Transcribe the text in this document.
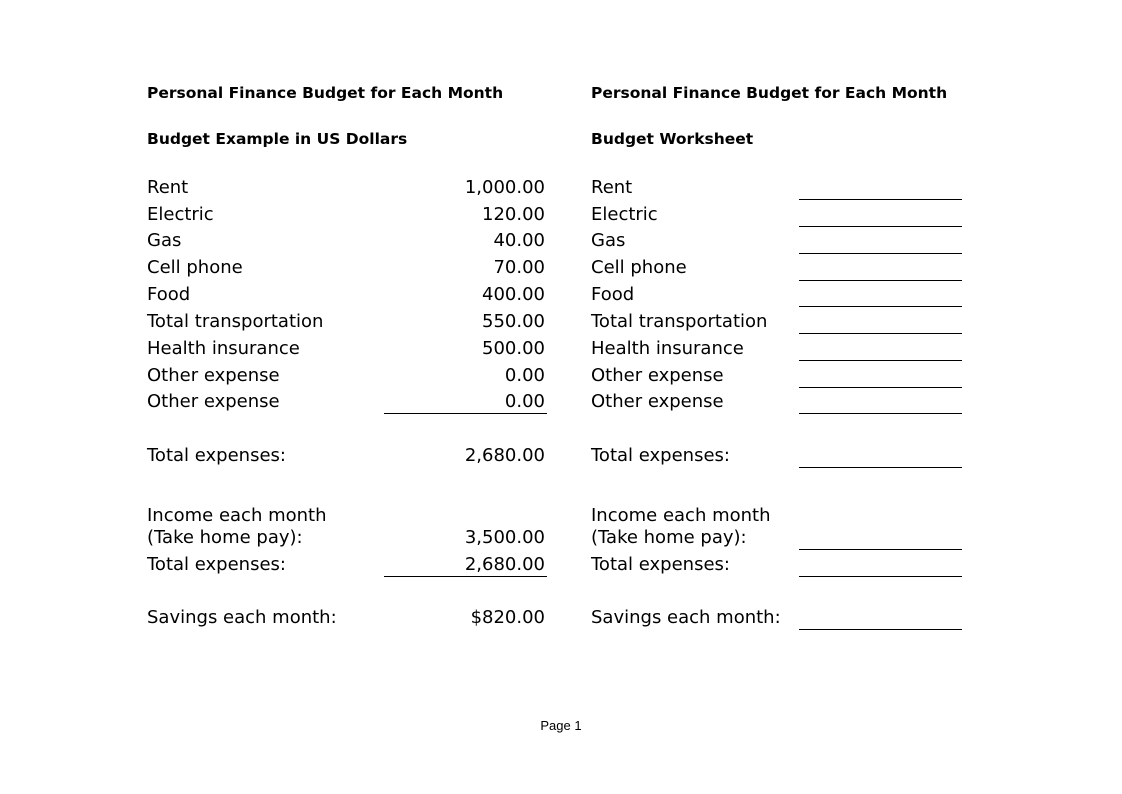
Personal Finance Budget for Each Month
Budget Example in US Dollars
Rent	1,000.00
Electric	120.00
Gas	40.00
Cell phone	70.00
Food	400.00
Total transportation	550.00
Health insurance	500.00
Other expense	0.00
Other expense	0.00
Total expenses:	2,680.00
Income each month
(Take home pay):	3,500.00
Total expenses:	2,680.00
Savings each month:	$820.00
Personal Finance Budget for Each Month
Budget Worksheet
Rent
Electric
Gas
Cell phone
Food
Total transportation
Health insurance
Other expense
Other expense
Total expenses:
Income each month
(Take home pay):
Total expenses:
Savings each month:
Page 1
